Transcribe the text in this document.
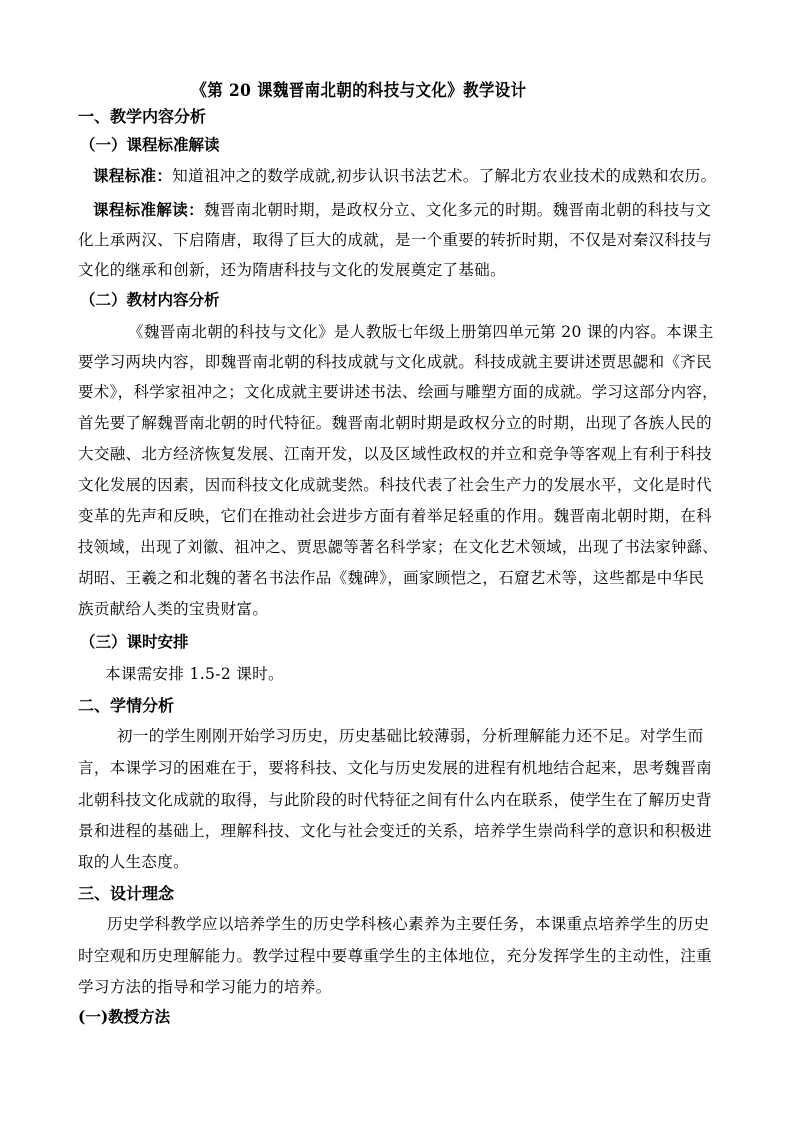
《第 20 课魏晋南北朝的科技与文化》教学设计
一、教学内容分析
（一）课程标准解读
课程标准：知道祖冲之的数学成就,初步认识书法艺术。了解北方农业技术的成熟和农历。
课程标准解读：魏晋南北朝时期，是政权分立、文化多元的时期。魏晋南北朝的科技与文
化上承两汉、下启隋唐，取得了巨大的成就，是一个重要的转折时期，不仅是对秦汉科技与
文化的继承和创新，还为隋唐科技与文化的发展奠定了基础。
（二）教材内容分析
《魏晋南北朝的科技与文化》是人教版七年级上册第四单元第 20 课的内容。本课主
要学习两块内容，即魏晋南北朝的科技成就与文化成就。科技成就主要讲述贾思勰和《齐民
要术》，科学家祖冲之；文化成就主要讲述书法、绘画与雕塑方面的成就。学习这部分内容，
首先要了解魏晋南北朝的时代特征。魏晋南北朝时期是政权分立的时期，出现了各族人民的
大交融、北方经济恢复发展、江南开发，以及区域性政权的并立和竞争等客观上有利于科技
文化发展的因素，因而科技文化成就斐然。科技代表了社会生产力的发展水平，文化是时代
变革的先声和反映，它们在推动社会进步方面有着举足轻重的作用。魏晋南北朝时期，在科
技领域，出现了刘徽、祖冲之、贾思勰等著名科学家；在文化艺术领域，出现了书法家钟繇、
胡昭、王羲之和北魏的著名书法作品《魏碑》，画家顾恺之，石窟艺术等，这些都是中华民
族贡献给人类的宝贵财富。
（三）课时安排
本课需安排 1.5-2 课时。
二、学情分析
初一的学生刚刚开始学习历史，历史基础比较薄弱，分析理解能力还不足。对学生而
言，本课学习的困难在于，要将科技、文化与历史发展的进程有机地结合起来，思考魏晋南
北朝科技文化成就的取得，与此阶段的时代特征之间有什么内在联系，使学生在了解历史背
景和进程的基础上，理解科技、文化与社会变迁的关系，培养学生崇尚科学的意识和积极进
取的人生态度。
三、设计理念
历史学科教学应以培养学生的历史学科核心素养为主要任务，本课重点培养学生的历史
时空观和历史理解能力。教学过程中要尊重学生的主体地位，充分发挥学生的主动性，注重
学习方法的指导和学习能力的培养。
(一)教授方法
